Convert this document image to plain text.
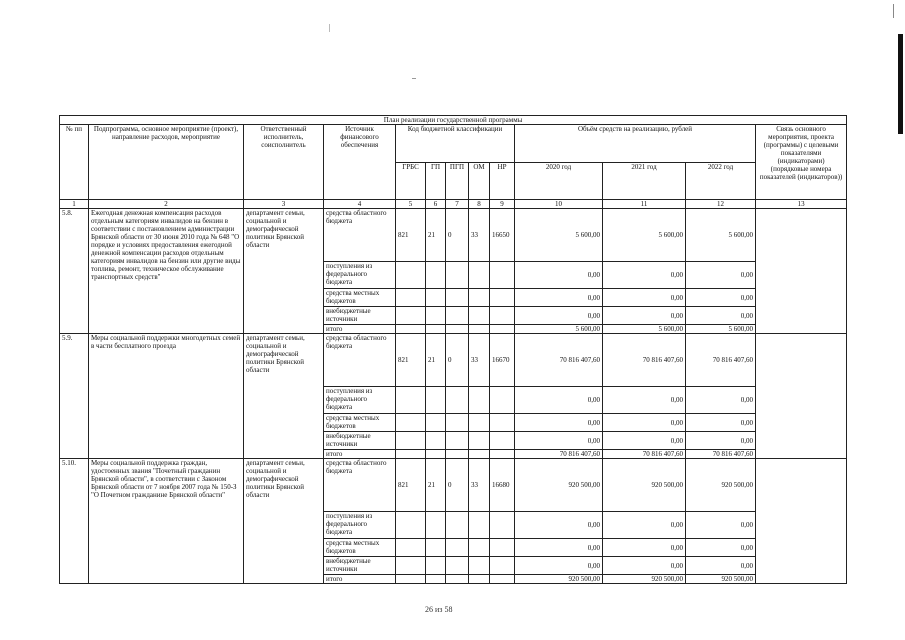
План реализации государственной программы												
№ пп	Подпрограмма, основное мероприятие (проект), направление расходов, мероприятие	Ответственный исполнитель, соисполнитель	Источник финансового обеспечения	Код бюджетной классификации					Объём средств на реализацию, рублей			Связь основного мероприятия, проекта (программы) с целевыми показателями (индикаторами) (порядковые номера показателей (индикаторов))
				ГРБС	ГП	ПГП	ОМ	НР	2020 год	2021 год	2022 год	
1	2	3	4	5	6	7	8	9	10	11	12	13
5.8.	Ежегодная денежная компенсация расходов отдельным категориям инвалидов на бензин в соответствии с постановлением администрации Брянской области от 30 июня 2010 года № 648 "О порядке и условиях предоставления ежегодной денежной компенсации расходов отдельным категориям инвалидов на бензин или другие виды топлива, ремонт, техническое обслуживание транспортных средств"	департамент семьи, социальной и демографической политики Брянской области	средства областного бюджета	821	21	0	33	16650	5 600,00	5 600,00	5 600,00	
			поступления из федерального бюджета						0,00	0,00	0,00	
			средства местных бюджетов						0,00	0,00	0,00	
			внебюджетные источники						0,00	0,00	0,00	
			итого						5 600,00	5 600,00	5 600,00	
5.9.	Меры социальной поддержки многодетных семей в части бесплатного проезда	департамент семьи, социальной и демографической политики Брянской области	средства областного бюджета	821	21	0	33	16670	70 816 407,60	70 816 407,60	70 816 407,60	
			поступления из федерального бюджета						0,00	0,00	0,00	
			средства местных бюджетов						0,00	0,00	0,00	
			внебюджетные источники						0,00	0,00	0,00	
			итого						70 816 407,60	70 816 407,60	70 816 407,60	
5.10.	Меры социальной поддержка граждан, удостоенных звания "Почетный гражданин Брянской области", в соответствии с Законом Брянской области от 7 ноября 2007 года № 150-З "О Почетном гражданине Брянской области"	департамент семьи, социальной и демографической политики Брянской области	средства областного бюджета	821	21	0	33	16680	920 500,00	920 500,00	920 500,00	
			поступления из федерального бюджета						0,00	0,00	0,00	
			средства местных бюджетов						0,00	0,00	0,00	
			внебюджетные источники						0,00	0,00	0,00	
			итого						920 500,00	920 500,00	920 500,00	
26 из 58
